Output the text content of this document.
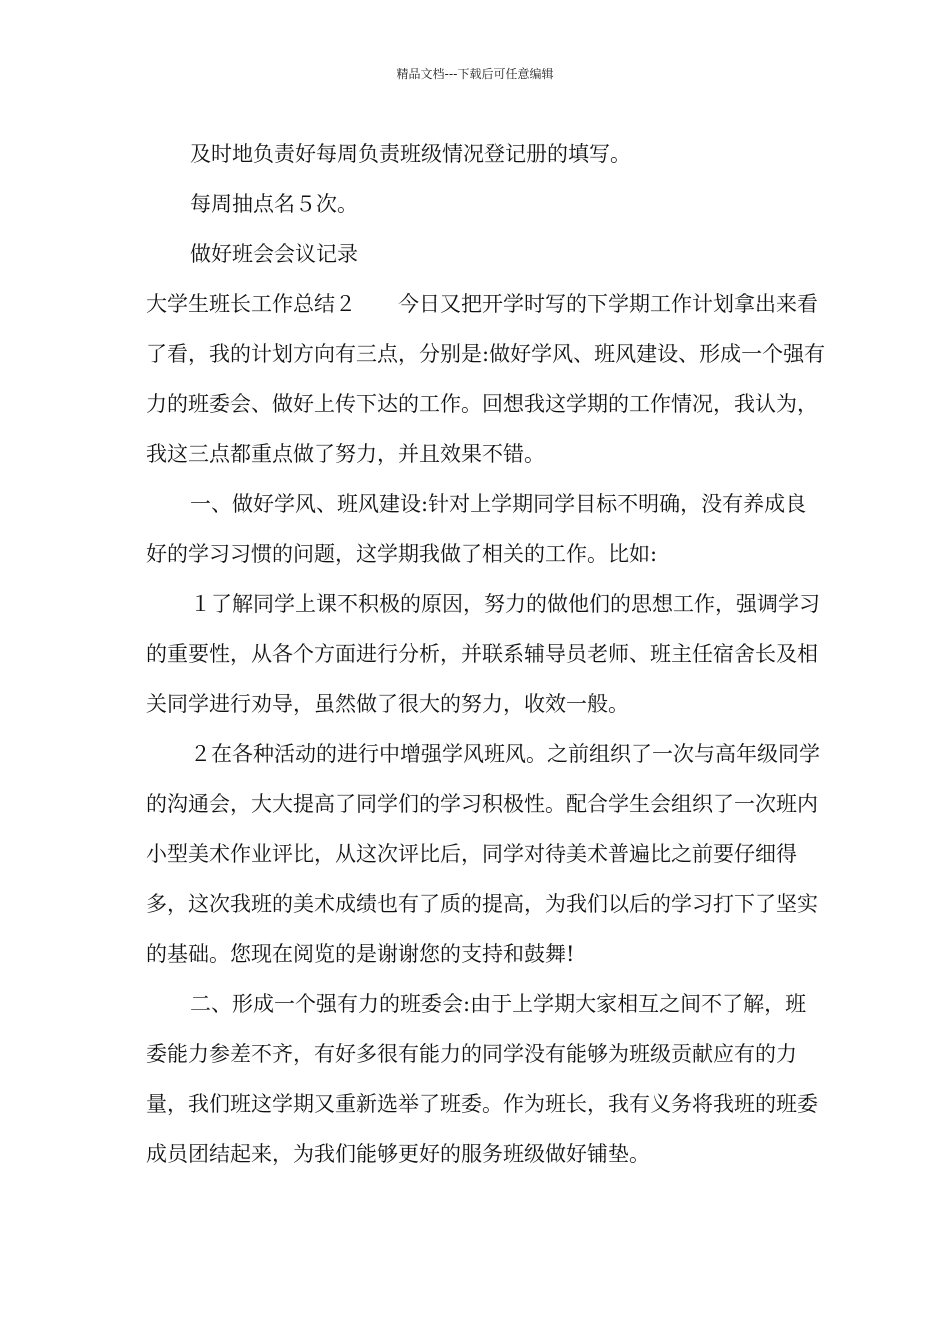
精品文档---下载后可任意编辑

及时地负责好每周负责班级情况登记册的填写。

每周抽点名５次。

做好班会会议记录

大学生班长工作总结２　　今日又把开学时写的下学期工作计划拿出来看了看，我的计划方向有三点，分别是:做好学风、班风建设、形成一个强有力的班委会、做好上传下达的工作。回想我这学期的工作情况，我认为，我这三点都重点做了努力，并且效果不错。

一、做好学风、班风建设:针对上学期同学目标不明确，没有养成良好的学习习惯的问题，这学期我做了相关的工作。比如:

１了解同学上课不积极的原因，努力的做他们的思想工作，强调学习的重要性，从各个方面进行分析，并联系辅导员老师、班主任宿舍长及相关同学进行劝导，虽然做了很大的努力，收效一般。

２在各种活动的进行中增强学风班风。之前组织了一次与高年级同学的沟通会，大大提高了同学们的学习积极性。配合学生会组织了一次班内小型美术作业评比，从这次评比后，同学对待美术普遍比之前要仔细得多，这次我班的美术成绩也有了质的提高，为我们以后的学习打下了坚实的基础。您现在阅览的是谢谢您的支持和鼓舞!

二、形成一个强有力的班委会:由于上学期大家相互之间不了解，班委能力参差不齐，有好多很有能力的同学没有能够为班级贡献应有的力量，我们班这学期又重新选举了班委。作为班长，我有义务将我班的班委成员团结起来，为我们能够更好的服务班级做好铺垫。
